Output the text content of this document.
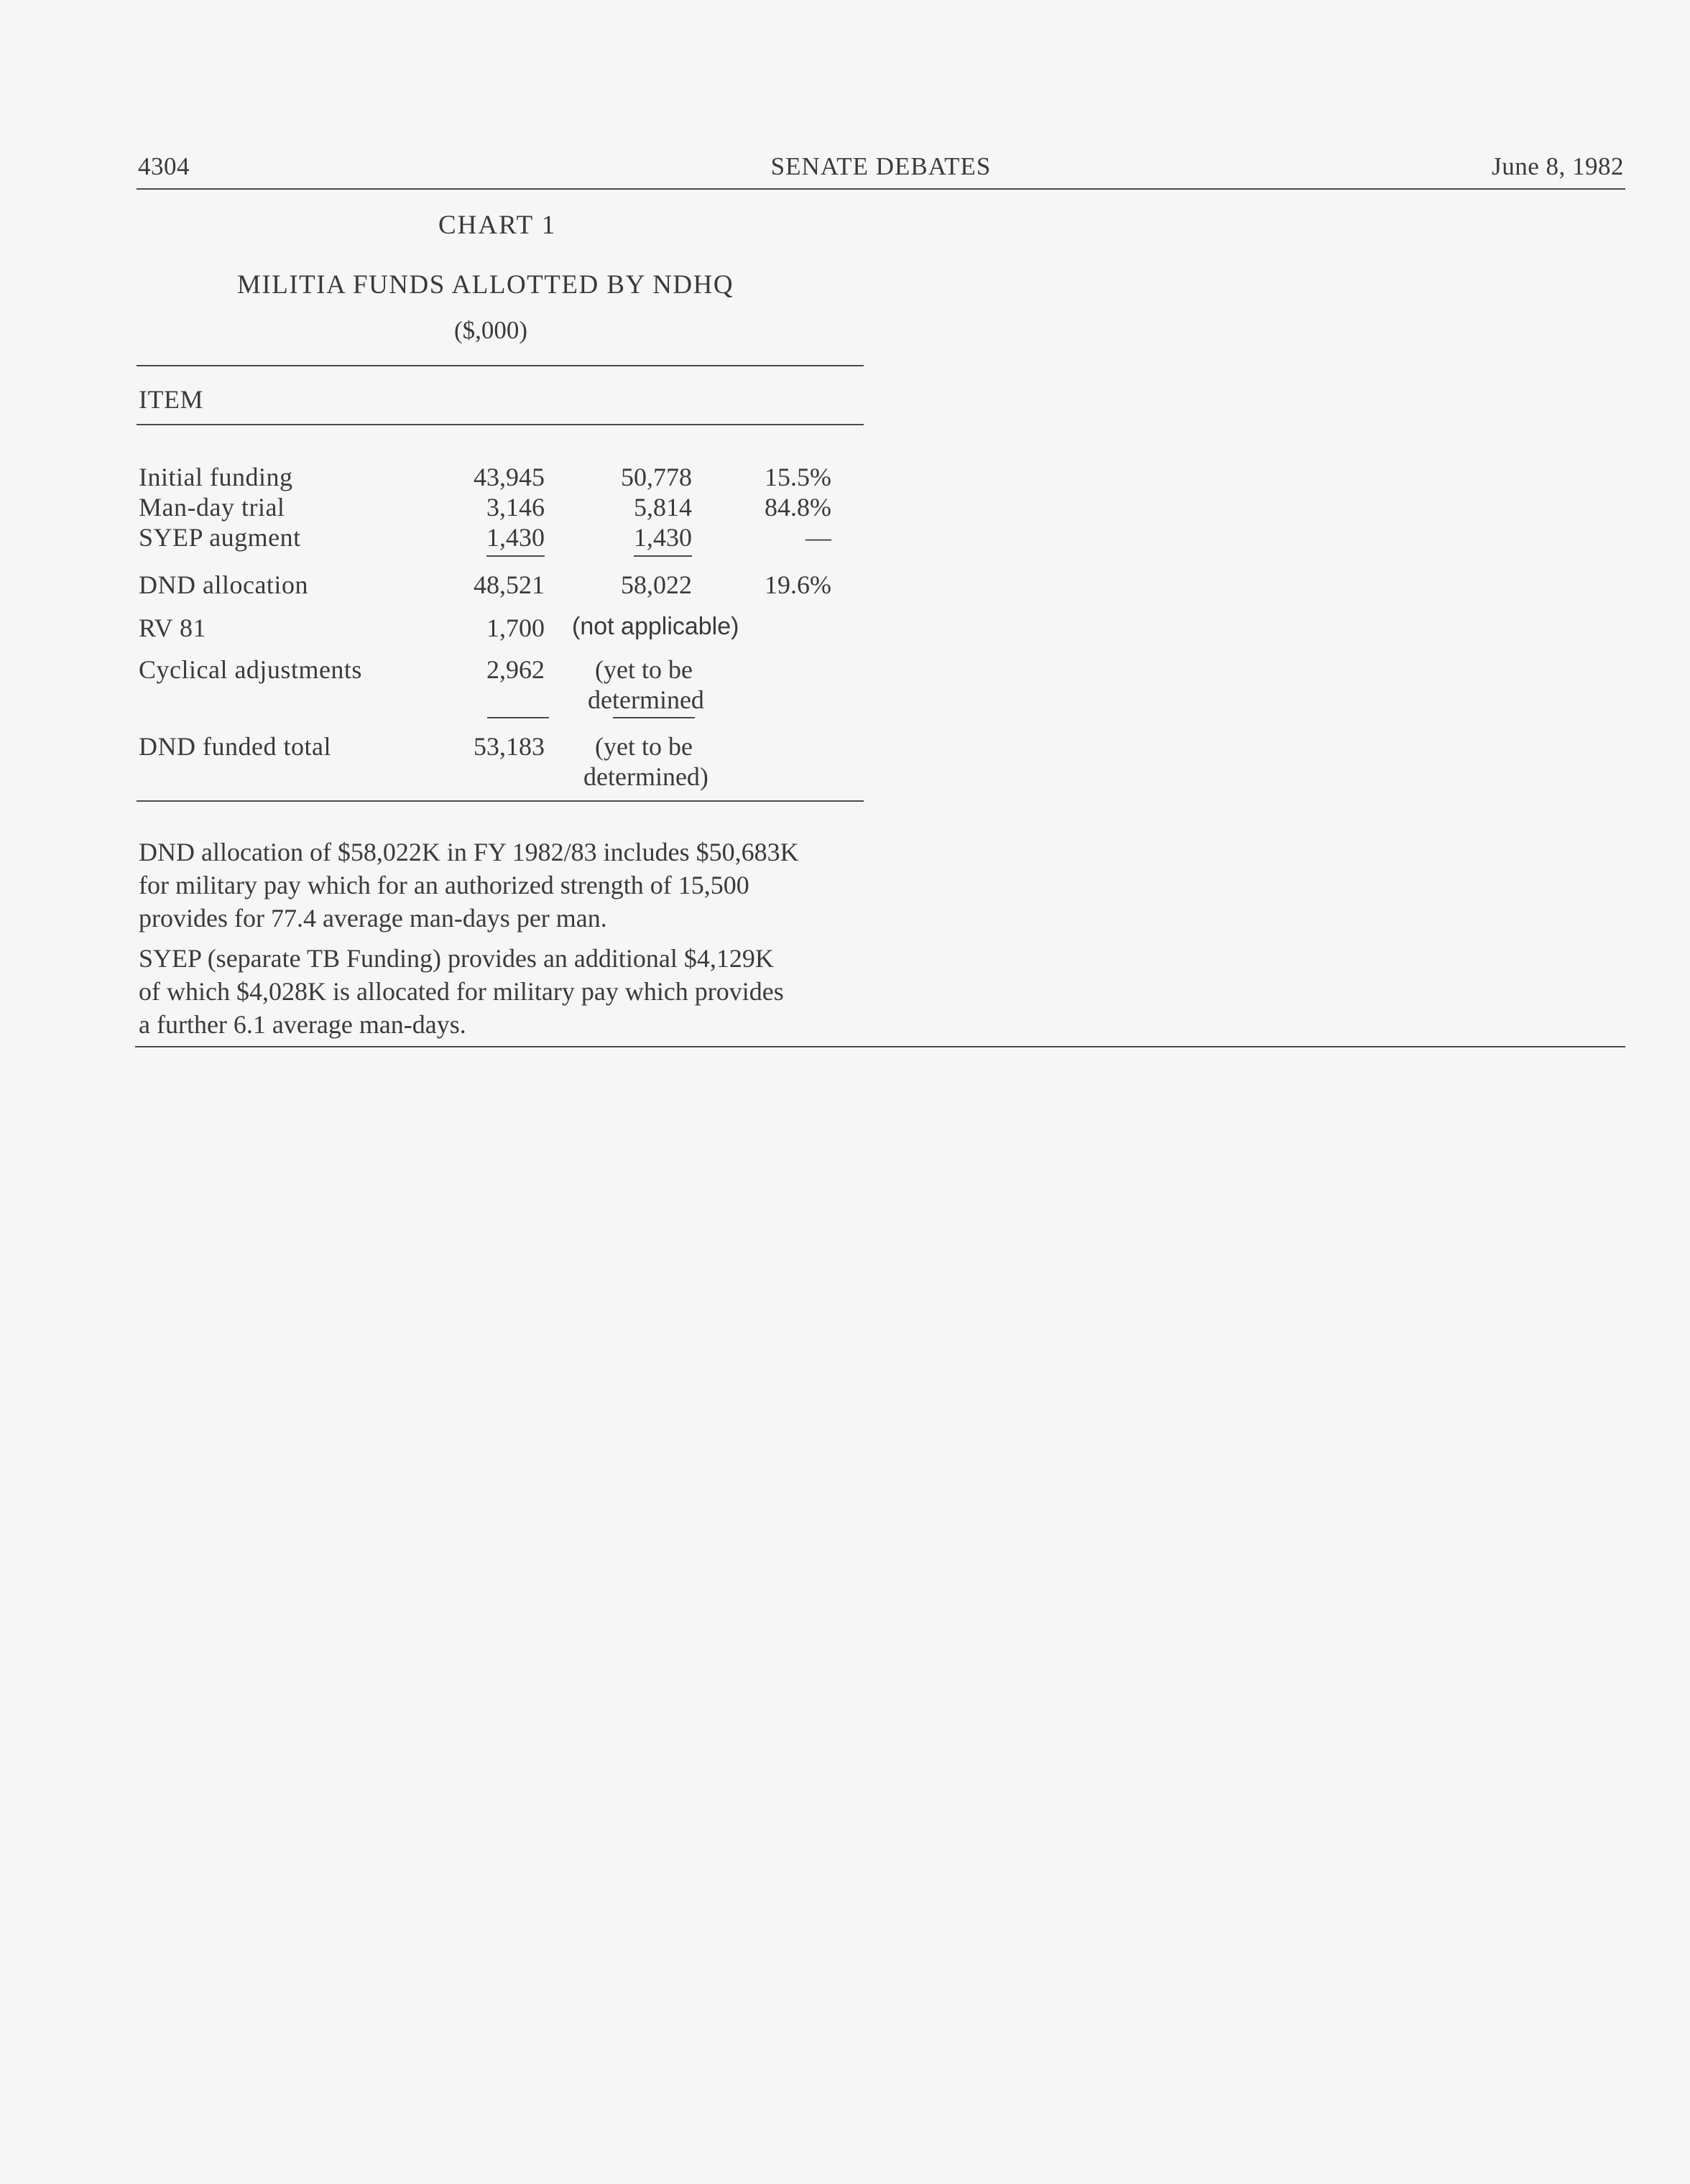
4304	SENATE DEBATES	June 8, 1982
CHART 1
MILITIA FUNDS ALLOTTED BY NDHQ
($,000)
ITEM
Initial funding	43,945	50,778	15.5%
Man-day trial	3,146	5,814	84.8%
SYEP augment	1,430	1,430	—
DND allocation	48,521	58,022	19.6%
RV 81	1,700 (not applicable)
Cyclical adjustments	2,962 (yet to be
determined
DND funded total	53,183 (yet to be
determined)
DND allocation of $58,022K in FY 1982/83 includes $50,683K
for military pay which for an authorized strength of 15,500
provides for 77.4 average man-days per man.
SYEP (separate TB Funding) provides an additional $4,129K
of which $4,028K is allocated for military pay which provides
a further 6.1 average man-days.
